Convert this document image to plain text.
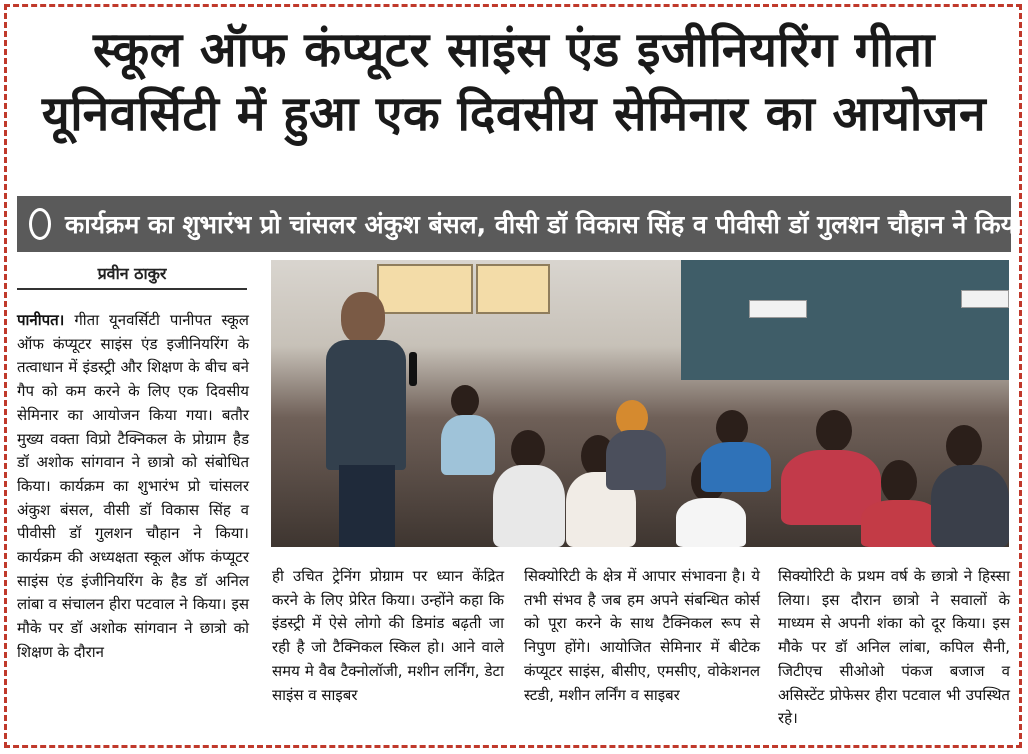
स्कूल ऑफ कंप्यूटर साइंस एंड इजीनियरिंग गीता
यूनिवर्सिटी में हुआ एक दिवसीय सेमिनार का आयोजन
कार्यक्रम का शुभारंभ प्रो चांसलर अंकुश बंसल, वीसी डॉ विकास सिंह व पीवीसी डॉ गुलशन चौहान ने किया
प्रवीन ठाकुर
पानीपत। गीता यूनवर्सिटी पानीपत स्कूल ऑफ कंप्यूटर साइंस एंड इजीनियरिंग के तत्वाधान में इंडस्ट्री और शिक्षण के बीच बने गैप को कम करने के लिए एक दिवसीय सेमिनार का आयोजन किया गया। बतौर मुख्य वक्ता विप्रो टैक्निकल के प्रोग्राम हैड डॉ अशोक सांगवान ने छात्रो को संबोधित किया। कार्यक्रम का शुभारंभ प्रो चांसलर अंकुश बंसल, वीसी डॉ विकास सिंह व पीवीसी डॉ गुलशन चौहान ने किया। कार्यक्रम की अध्यक्षता स्कूल ऑफ कंप्यूटर साइंस एंड इंजीनियरिंग के हैड डॉ अनिल लांबा व संचालन हीरा पटवाल ने किया। इस मौके पर डॉ अशोक सांगवान ने छात्रो को शिक्षण के दौरान
ही उचित ट्रेनिंग प्रोग्राम पर ध्यान केंद्रित करने के लिए प्रेरित किया। उन्होंने कहा कि इंडस्ट्री में ऐसे लोगो की डिमांड बढ़ती जा रही है जो टैक्निकल स्किल हो। आने वाले समय मे वैब टैक्नोलॉजी, मशीन लर्निंग, डेटा साइंस व साइबर
सिक्योरिटी के क्षेत्र में आपार संभावना है। ये तभी संभव है जब हम अपने संबन्धित कोर्स को पूरा करने के साथ टैक्निकल रूप से निपुण होंगे। आयोजित सेमिनार में बीटेक कंप्यूटर साइंस, बीसीए, एमसीए, वोकेशनल स्टडी, मशीन लर्निंग व साइबर
सिक्योरिटी के प्रथम वर्ष के छात्रो ने हिस्सा लिया। इस दौरान छात्रो ने सवालों के माध्यम से अपनी शंका को दूर किया। इस मौके पर डॉ अनिल लांबा, कपिल सैनी, जिटीएच सीओओ पंकज बजाज व असिस्टेंट प्रोफेसर हीरा पटवाल भी उपस्थित रहे।
